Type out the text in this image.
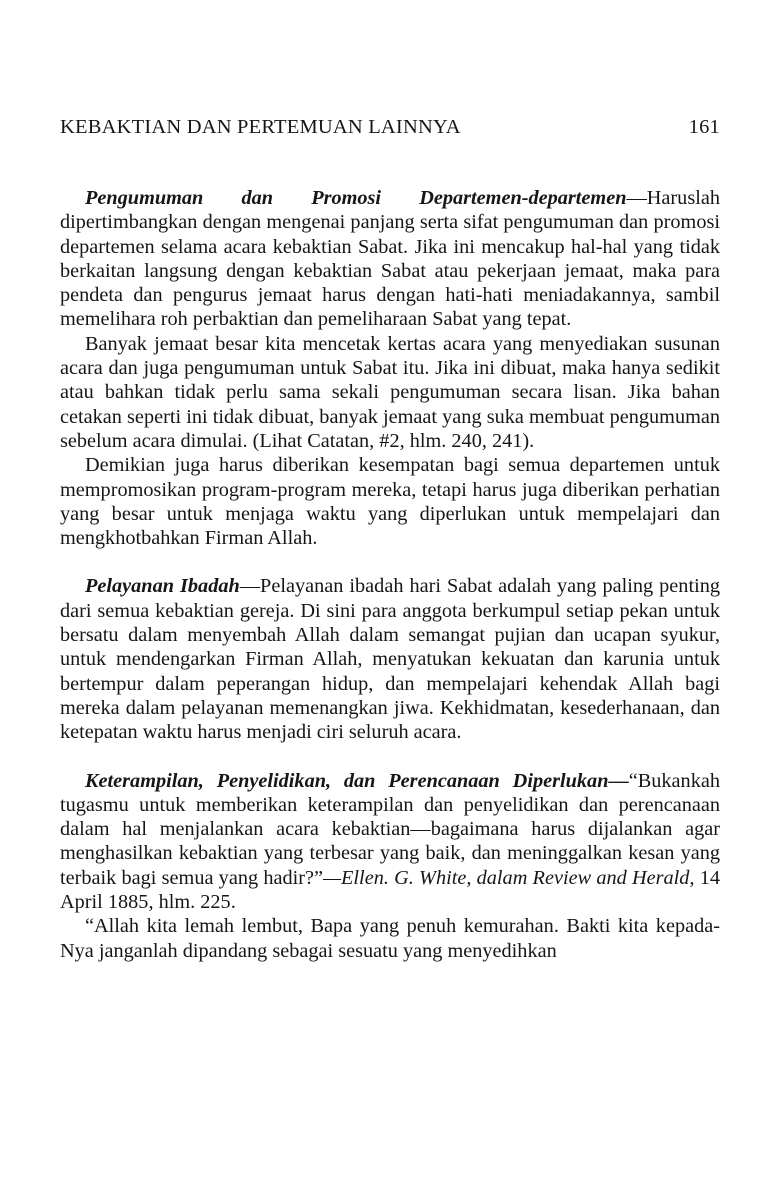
KEBAKTIAN DAN PERTEMUAN LAINNYA	161

Pengumuman dan Promosi Departemen-departemen—Haruslah dipertimbangkan dengan mengenai panjang serta sifat pengumuman dan promosi departemen selama acara kebaktian Sabat. Jika ini mencakup hal-hal yang tidak berkaitan langsung dengan kebaktian Sabat atau pekerjaan jemaat, maka para pendeta dan pengurus jemaat harus dengan hati-hati meniadakannya, sambil memelihara roh perbaktian dan pemeliharaan Sabat yang tepat.

Banyak jemaat besar kita mencetak kertas acara yang menyediakan susunan acara dan juga pengumuman untuk Sabat itu. Jika ini dibuat, maka hanya sedikit atau bahkan tidak perlu sama sekali pengumuman secara lisan. Jika bahan cetakan seperti ini tidak dibuat, banyak jemaat yang suka membuat pengumuman sebelum acara dimulai. (Lihat Catatan, #2, hlm. 240, 241).

Demikian juga harus diberikan kesempatan bagi semua departemen untuk mempromosikan program-program mereka, tetapi harus juga diberikan perhatian yang besar untuk menjaga waktu yang diperlukan untuk mempelajari dan mengkhotbahkan Firman Allah.

Pelayanan Ibadah—Pelayanan ibadah hari Sabat adalah yang paling penting dari semua kebaktian gereja. Di sini para anggota berkumpul setiap pekan untuk bersatu dalam menyembah Allah dalam semangat pujian dan ucapan syukur, untuk mendengarkan Firman Allah, menyatukan kekuatan dan karunia untuk bertempur dalam peperangan hidup, dan mempelajari kehendak Allah bagi mereka dalam pelayanan memenangkan jiwa. Kekhidmatan, kesederhanaan, dan ketepatan waktu harus menjadi ciri seluruh acara.

Keterampilan, Penyelidikan, dan Perencanaan Diperlukan—“Bukankah tugasmu untuk memberikan keterampilan dan penyelidikan dan perencanaan dalam hal menjalankan acara kebaktian—bagaimana harus dijalankan agar menghasilkan kebaktian yang terbesar yang baik, dan meninggalkan kesan yang terbaik bagi semua yang hadir?”—Ellen. G. White, dalam Review and Herald, 14 April 1885, hlm. 225.

“Allah kita lemah lembut, Bapa yang penuh kemurahan. Bakti kita kepada-Nya janganlah dipandang sebagai sesuatu yang menyedihkan
